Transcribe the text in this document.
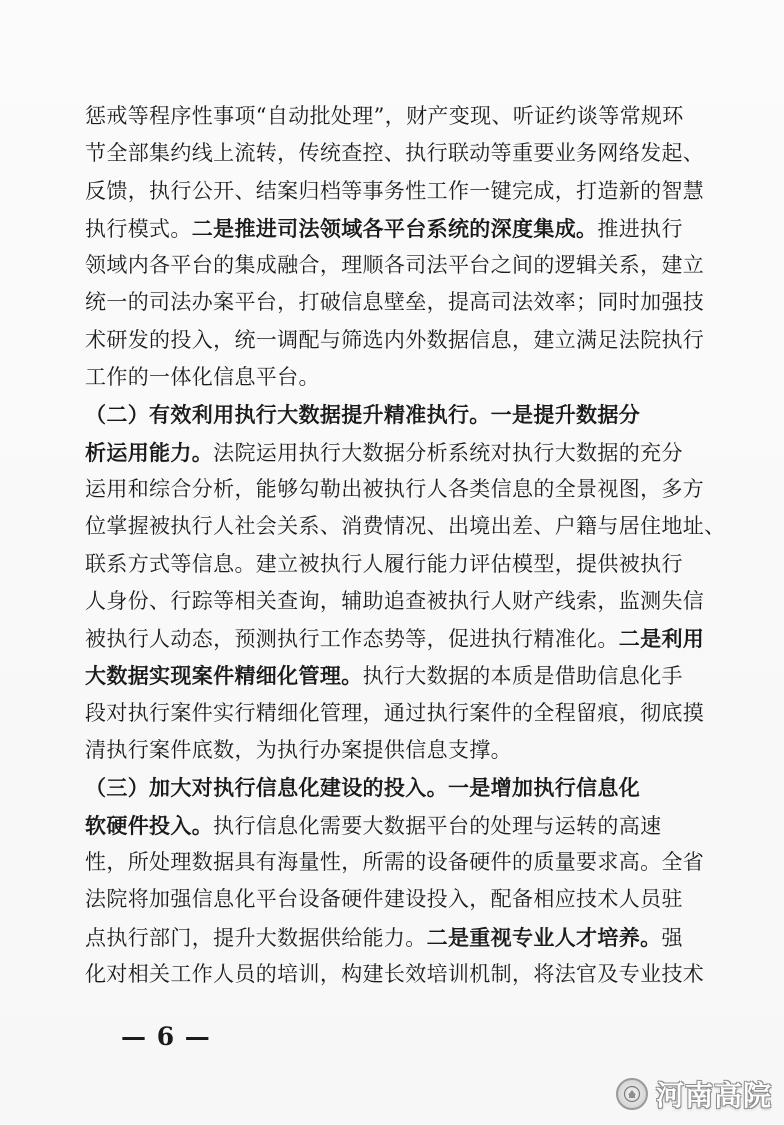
惩戒等程序性事项“自动批处理”，财产变现、听证约谈等常规环
节全部集约线上流转，传统查控、执行联动等重要业务网络发起、
反馈，执行公开、结案归档等事务性工作一键完成，打造新的智慧
执行模式。二是推进司法领域各平台系统的深度集成。推进执行
领域内各平台的集成融合，理顺各司法平台之间的逻辑关系，建立
统一的司法办案平台，打破信息壁垒，提高司法效率；同时加强技
术研发的投入，统一调配与筛选内外数据信息，建立满足法院执行
工作的一体化信息平台。
（二）有效利用执行大数据提升精准执行。一是提升数据分
析运用能力。法院运用执行大数据分析系统对执行大数据的充分
运用和综合分析，能够勾勒出被执行人各类信息的全景视图，多方
位掌握被执行人社会关系、消费情况、出境出差、户籍与居住地址、
联系方式等信息。建立被执行人履行能力评估模型，提供被执行
人身份、行踪等相关查询，辅助追查被执行人财产线索，监测失信
被执行人动态，预测执行工作态势等，促进执行精准化。二是利用
大数据实现案件精细化管理。执行大数据的本质是借助信息化手
段对执行案件实行精细化管理，通过执行案件的全程留痕，彻底摸
清执行案件底数，为执行办案提供信息支撑。
（三）加大对执行信息化建设的投入。一是增加执行信息化
软硬件投入。执行信息化需要大数据平台的处理与运转的高速
性，所处理数据具有海量性，所需的设备硬件的质量要求高。全省
法院将加强信息化平台设备硬件建设投入，配备相应技术人员驻
点执行部门，提升大数据供给能力。二是重视专业人才培养。强
化对相关工作人员的培训，构建长效培训机制，将法官及专业技术
— 6 —
河南高院
